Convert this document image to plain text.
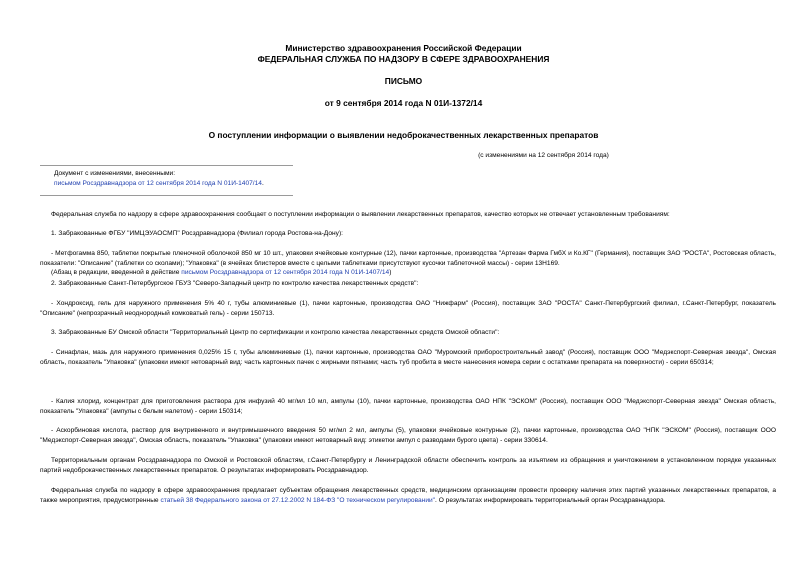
Министерство здравоохранения Российской Федерации
ФЕДЕРАЛЬНАЯ СЛУЖБА ПО НАДЗОРУ В СФЕРЕ ЗДРАВООХРАНЕНИЯ
ПИСЬМО
от 9 сентября 2014 года N 01И-1372/14
О поступлении информации о выявлении недоброкачественных лекарственных препаратов
(с изменениями на 12 сентября 2014 года)
Документ с изменениями, внесенными:
письмом Росздравнадзора от 12 сентября 2014 года N 01И-1407/14.
Федеральная служба по надзору в сфере здравоохранения сообщает о поступлении информации о выявлении лекарственных препаратов, качество которых не отвечает установленным требованиям:
1. Забракованные ФГБУ "ИМЦЭУАОСМП" Росздравнадзора (Филиал города Ростова-на-Дону):
- Метфогамма 850, таблетки покрытые пленочной оболочкой 850 мг 10 шт., упаковки ячейковые контурные (12), пачки картонные, производства "Артезан Фарма ГмбХ и Ко.КГ" (Германия), поставщик ЗАО "РОСТА", Ростовская область, показатели: "Описание" (таблетки со сколами); "Упаковка" (в ячейках блистеров вместе с целыми таблетками присутствуют кусочки таблеточной массы) - серии 13Н169.
(Абзац в редакции, введенной в действие письмом Росздравнадзора от 12 сентября 2014 года N 01И-1407/14)
2. Забракованные Санкт-Петербургское ГБУЗ "Северо-Западный центр по контролю качества лекарственных средств":
- Хондроксид, гель для наружного применения 5% 40 г, тубы алюминиевые (1), пачки картонные, производства ОАО "Нижфарм" (Россия), поставщик ЗАО "РОСТА" Санкт-Петербургский филиал, г.Санкт-Петербург, показатель "Описание" (непрозрачный неоднородный комковатый гель) - серии 150713.
3. Забракованные БУ Омской области "Территориальный Центр по сертификации и контролю качества лекарственных средств Омской области":
- Синафлан, мазь для наружного применения 0,025% 15 г, тубы алюминиевые (1), пачки картонные, производства ОАО "Муромский приборостроительный завод" (Россия), поставщик ООО "Медэкспорт-Северная звезда", Омская область, показатель "Упаковка" (упаковки имеют нетоварный вид: часть картонных пачек с жирными пятнами; часть туб пробита в месте нанесения номера серии с остатками препарата на поверхности) - серии 650314;
- Калия хлорид, концентрат для приготовления раствора для инфузий 40 мг/мл 10 мл, ампулы (10), пачки картонные, производства ОАО НПК "ЭСКОМ" (Россия), поставщик ООО "Медэкспорт-Северная звезда" Омская область, показатель "Упаковка" (ампулы с белым налетом) - серии 150314;
- Аскорбиновая кислота, раствор для внутривенного и внутримышечного введения 50 мг/мл 2 мл, ампулы (5), упаковки ячейковые контурные (2), пачки картонные, производства ОАО "НПК "ЭСКОМ" (Россия), поставщик ООО "Медэкспорт-Северная звезда", Омская область, показатель "Упаковка" (упаковки имеют нетоварный вид: этикетки ампул с разводами бурого цвета) - серии 330614.
Территориальным органам Росздравнадзора по Омской и Ростовской областям, г.Санкт-Петербургу и Ленинградской области обеспечить контроль за изъятием из обращения и уничтожением в установленном порядке указанных партий недоброкачественных лекарственных препаратов. О результатах информировать Росздравнадзор.
Федеральная служба по надзору в сфере здравоохранения предлагает субъектам обращения лекарственных средств, медицинским организациям провести проверку наличия этих партий указанных лекарственных препаратов, а также мероприятия, предусмотренные статьей 38 Федерального закона от 27.12.2002 N 184-ФЗ "О техническом регулировании". О результатах информировать территориальный орган Росздравнадзора.
